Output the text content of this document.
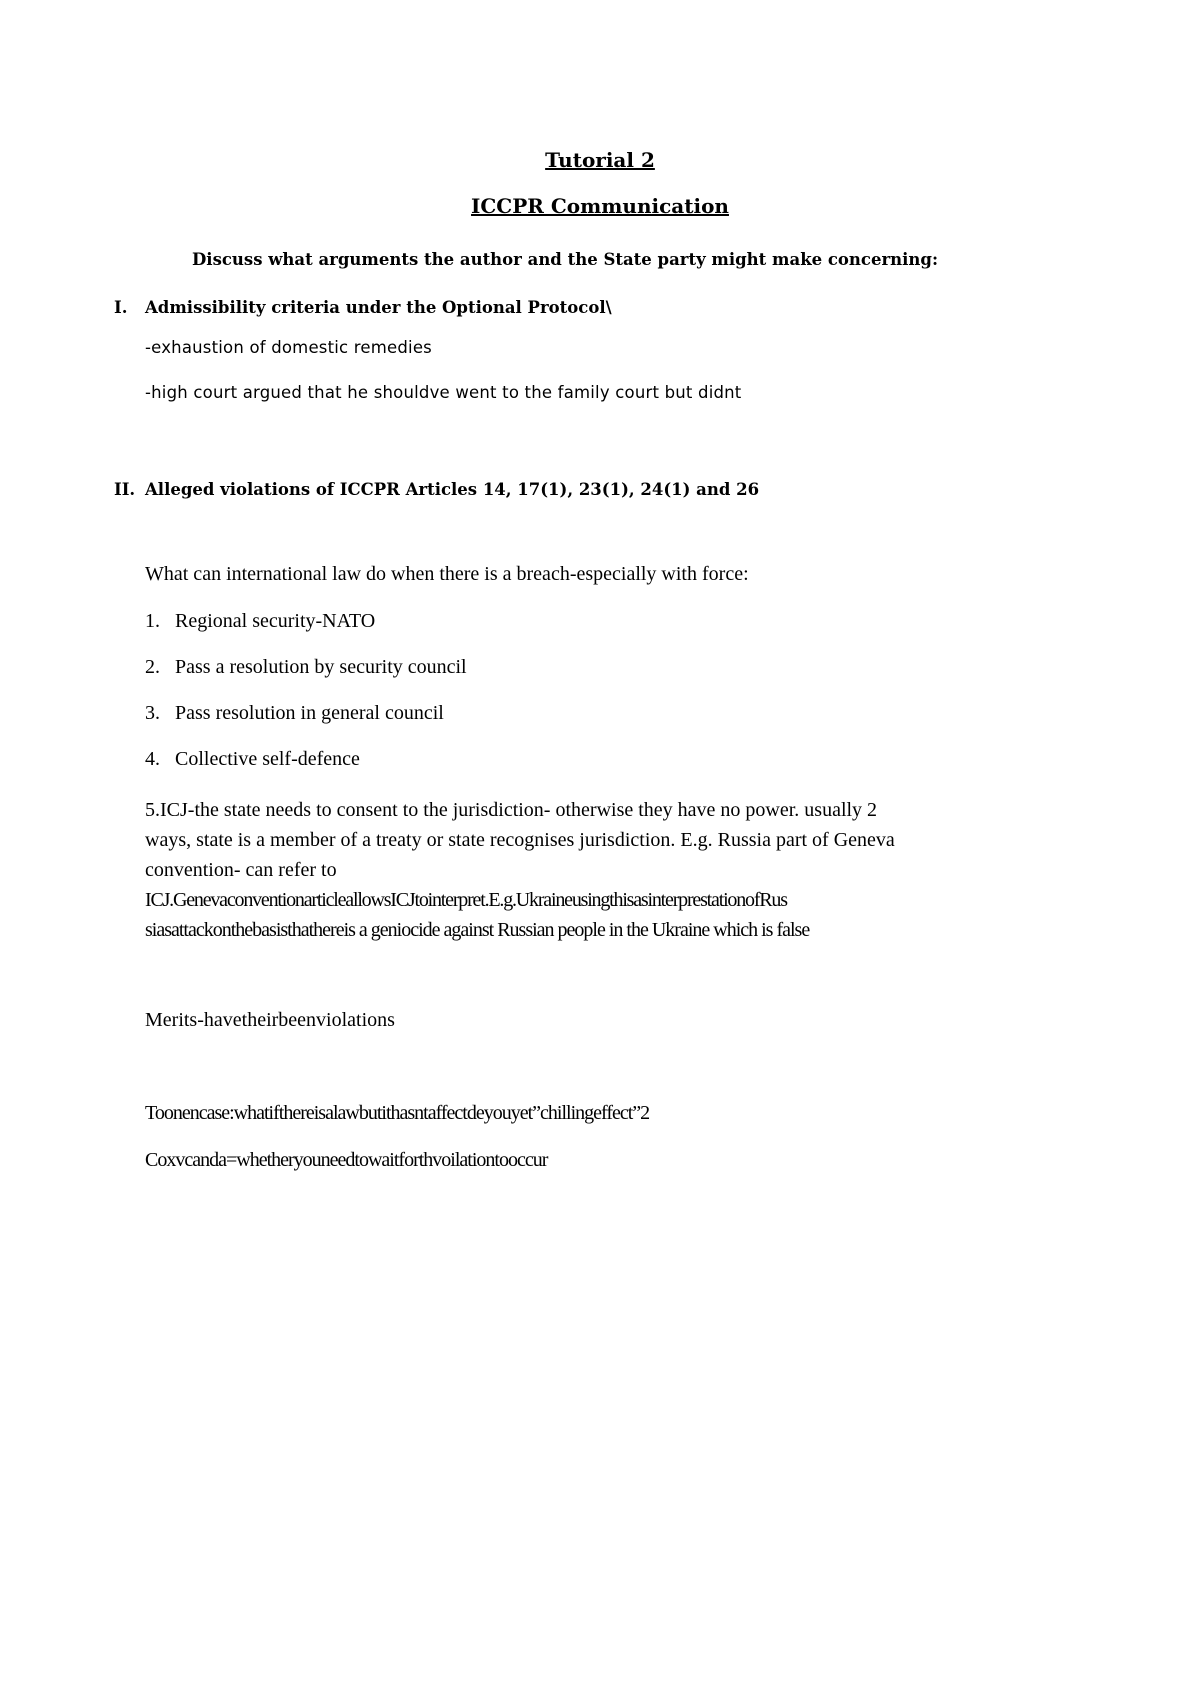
Tutorial 2
ICCPR Communication
Discuss what arguments the author and the State party might make concerning:
I. Admissibility criteria under the Optional Protocol\
-exhaustion of domestic remedies
-high court argued that he shouldve went to the family court but didnt
II. Alleged violations of ICCPR Articles 14, 17(1), 23(1), 24(1) and 26
What can international law do when there is a breach-especially with force:
1. Regional security-NATO
2. Pass a resolution by security council
3. Pass resolution in general council
4. Collective self-defence
5.ICJ-the state needs to consent to the jurisdiction- otherwise they have no power. usually 2
ways, state is a member of a treaty or state recognises jurisdiction. E.g. Russia part of Geneva
convention- can refer to
ICJ.GenevaconventionarticleallowsICJtointerpret.E.g.UkraineusingthisasinterprestationofRus
siasattackonthebasisthathereis a geniocide against Russian people in the Ukraine which is false
Merits-havetheirbeenviolations
Toonencase:whatifthereisalawbutithasntaffectdeyouyet”chillingeffect”2
Coxvcanda=whetheryouneedtowaitforthvoilationtooccur
